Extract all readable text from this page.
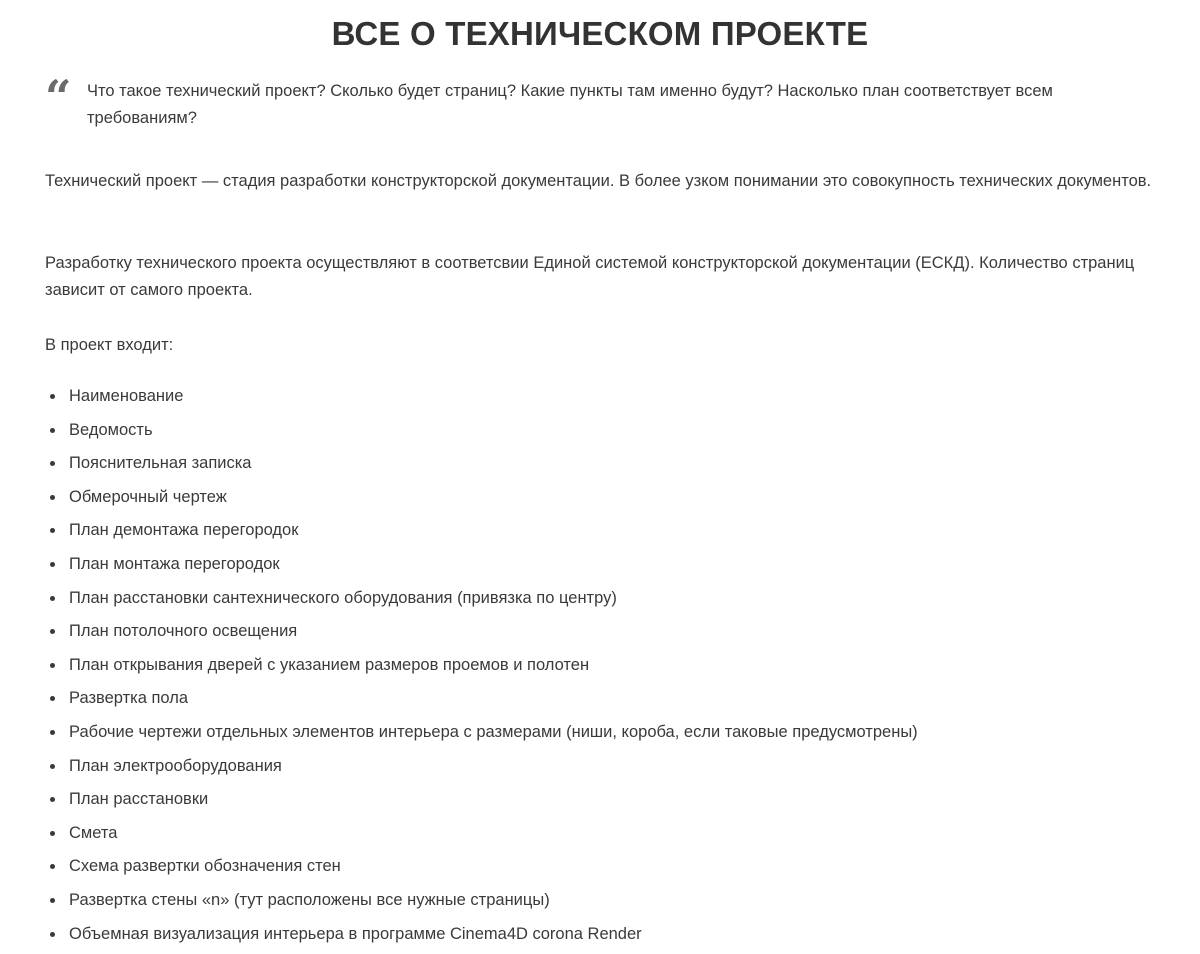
ВСЕ О ТЕХНИЧЕСКОМ ПРОЕКТЕ
“ Что такое технический проект? Сколько будет страниц? Какие пункты там именно будут? Насколько план соответствует всем требованиям?

Технический проект — стадия разработки конструкторской документации. В более узком понимании это совокупность технических документов.

Разработку технического проекта осуществляют в соответсвии Единой системой конструкторской документации (ЕСКД). Количество страниц зависит от самого проекта.

В проект входит:

Наименование
Ведомость
Пояснительная записка
Обмерочный чертеж
План демонтажа перегородок
План монтажа перегородок
План расстановки сантехнического оборудования (привязка по центру)
План потолочного освещения
План открывания дверей с указанием размеров проемов и полотен
Развертка пола
Рабочие чертежи отдельных элементов интерьера с размерами (ниши, короба, если таковые предусмотрены)
План электрооборудования
План расстановки
Смета
Схема развертки обозначения стен
Развертка стены «n» (тут расположены все нужные страницы)
Объемная визуализация интерьера в программе Cinema4D corona Render
